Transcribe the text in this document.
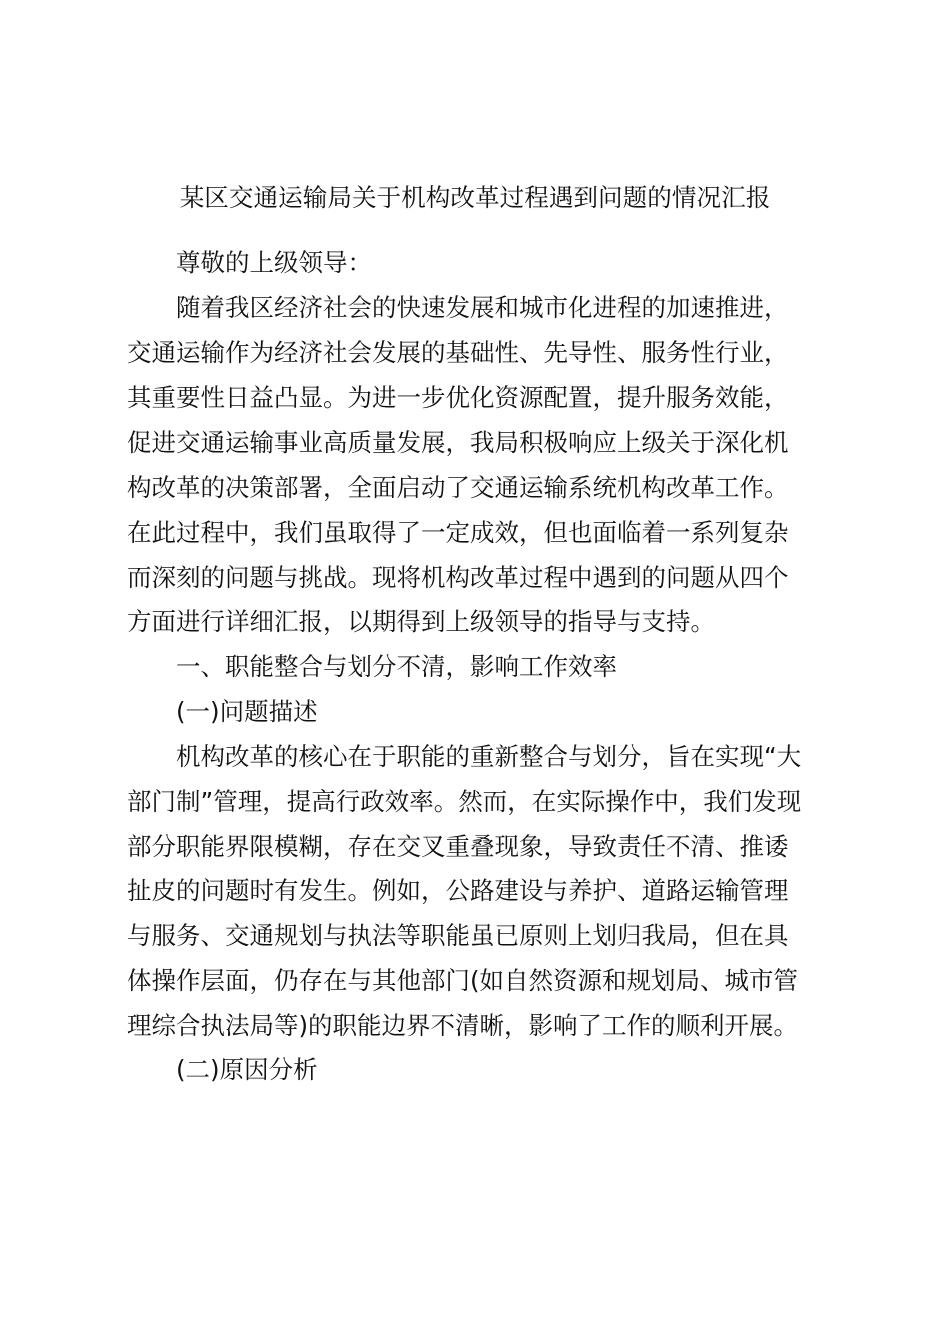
某区交通运输局关于机构改革过程遇到问题的情况汇报
尊敬的上级领导：
随着我区经济社会的快速发展和城市化进程的加速推进，
交通运输作为经济社会发展的基础性、先导性、服务性行业，
其重要性日益凸显。为进一步优化资源配置，提升服务效能，
促进交通运输事业高质量发展，我局积极响应上级关于深化机
构改革的决策部署，全面启动了交通运输系统机构改革工作。
在此过程中，我们虽取得了一定成效，但也面临着一系列复杂
而深刻的问题与挑战。现将机构改革过程中遇到的问题从四个
方面进行详细汇报，以期得到上级领导的指导与支持。
一、职能整合与划分不清，影响工作效率
(一)问题描述
机构改革的核心在于职能的重新整合与划分，旨在实现“大
部门制”管理，提高行政效率。然而，在实际操作中，我们发现
部分职能界限模糊，存在交叉重叠现象，导致责任不清、推诿
扯皮的问题时有发生。例如，公路建设与养护、道路运输管理
与服务、交通规划与执法等职能虽已原则上划归我局，但在具
体操作层面，仍存在与其他部门(如自然资源和规划局、城市管
理综合执法局等)的职能边界不清晰，影响了工作的顺利开展。
(二)原因分析
